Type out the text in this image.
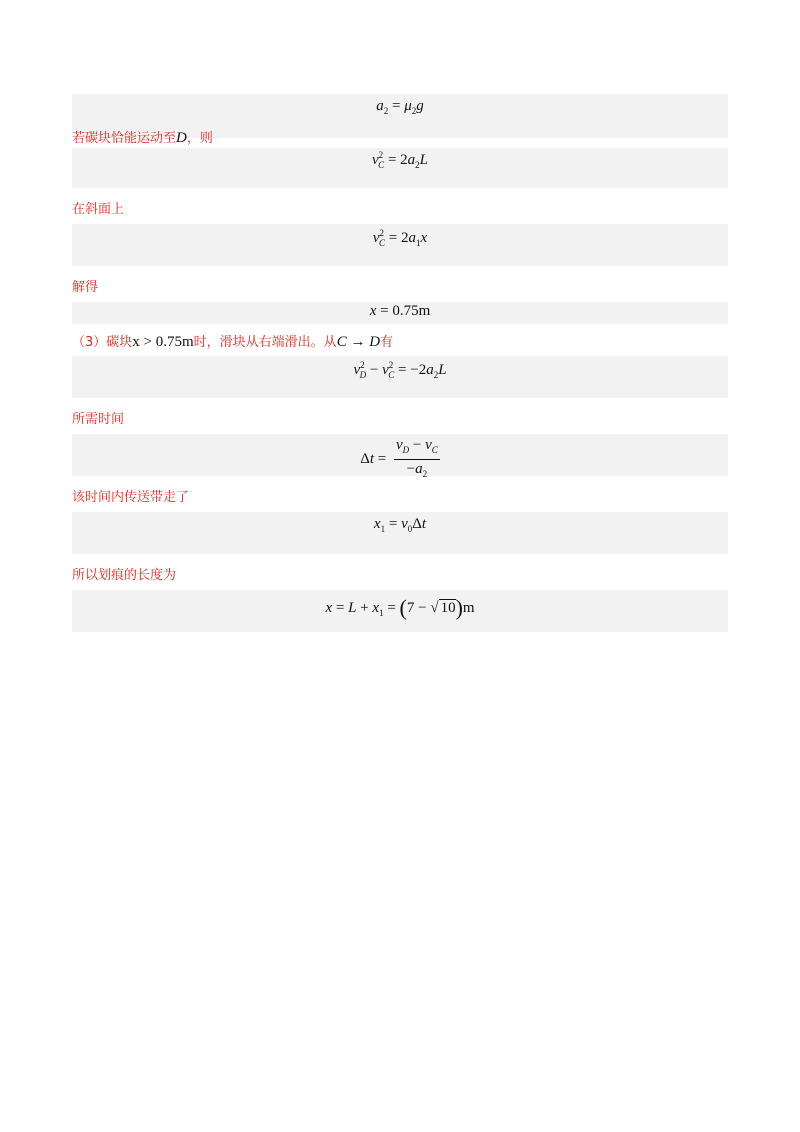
$a_2 = \mu_2g$
若碳块恰能运动至D，则
$v^2_C = 2a_2L$
在斜面上
$v^2_C = 2a_1x$
解得
x = 0.75m
（3）碳块x > 0.75m时，滑块从右端滑出。从C → D有
$v^2_D - v^2_C = -2a_2L$
所需时间
$\Delta t = \frac{v_D - v_C}{-a_2}$
该时间内传送带走了
$x_1 = v_0\Delta t$
所以划痕的长度为
$x = L + x_1 = (7$ − √ 10)m
